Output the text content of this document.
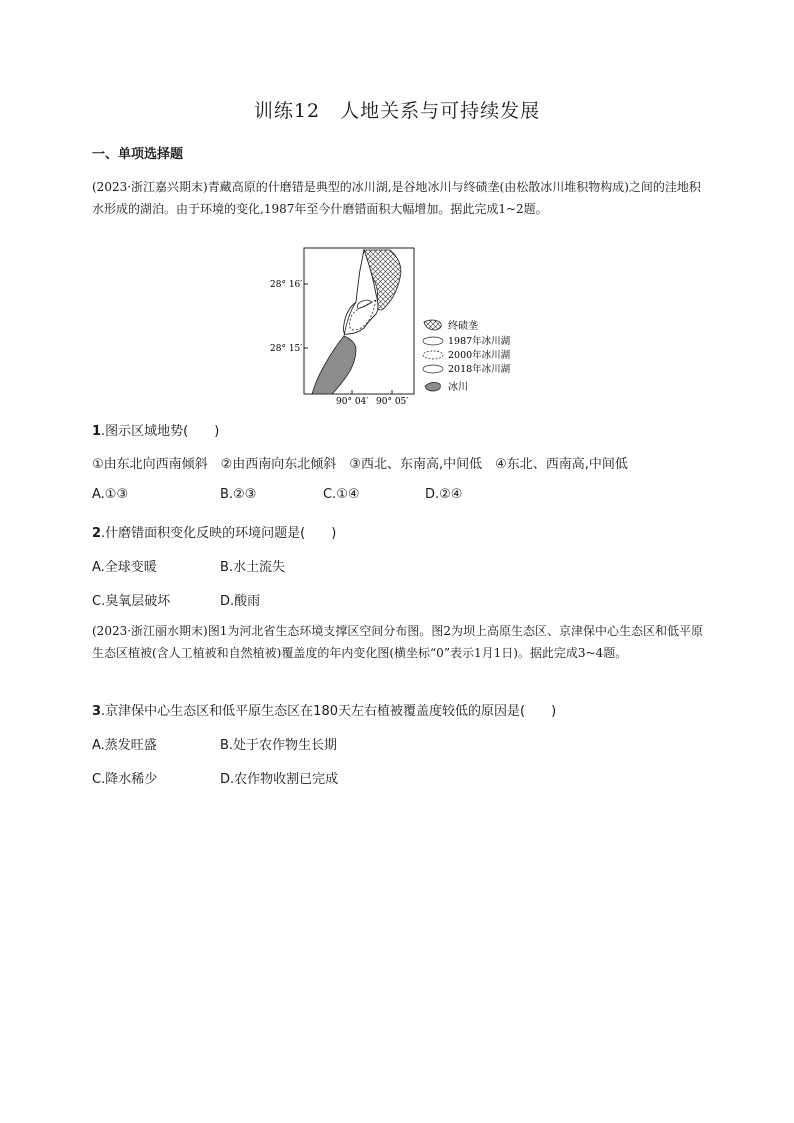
训练12　人地关系与可持续发展
一、单项选择题
(2023·浙江嘉兴期末)青藏高原的什磨错是典型的冰川湖,是谷地冰川与终碛垄(由松散冰川堆积物构成)之间的洼地积水形成的湖泊。由于环境的变化,1987年至今什磨错面积大幅增加。据此完成1~2题。
28° 16′
28° 15′
90° 04′ 90° 05′
终碛垄
1987年冰川湖
2000年冰川湖
2018年冰川湖
冰川
1.图示区域地势(　　)
①由东北向西南倾斜　②由西南向东北倾斜　③西北、东南高,中间低　④东北、西南高,中间低
A.①③	B.②③	C.①④	D.②④
2.什磨错面积变化反映的环境问题是(　　)
A.全球变暖	B.水土流失
C.臭氧层破坏	D.酸雨
(2023·浙江丽水期末)图1为河北省生态环境支撑区空间分布图。图2为坝上高原生态区、京津保中心生态区和低平原生态区植被(含人工植被和自然植被)覆盖度的年内变化图(横坐标“0”表示1月1日)。据此完成3~4题。
3.京津保中心生态区和低平原生态区在180天左右植被覆盖度较低的原因是(　　)
A.蒸发旺盛	B.处于农作物生长期
C.降水稀少	D.农作物收割已完成
